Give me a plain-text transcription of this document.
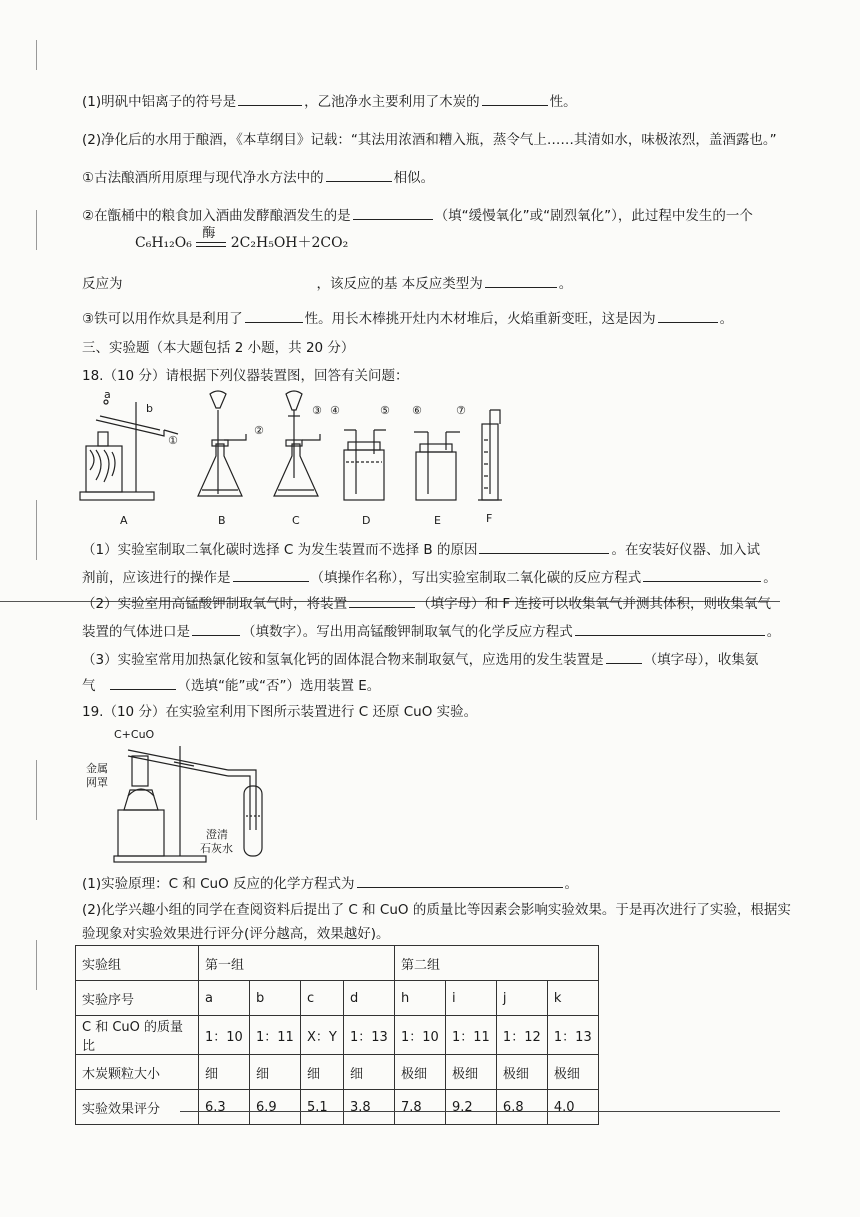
(1)明矾中铝离子的符号是	，乙池净水主要利用了木炭的	性。
(2)净化后的水用于酿酒，《本草纲目》记载：“其法用浓酒和糟入瓶，蒸令气上……其清如水，味极浓烈，盖酒露也。”
①古法酿酒所用原理与现代净水方法中的	相似。
②在甑桶中的粮食加入酒曲发酵酿酒发生的是	（填“缓慢氧化”或“剧烈氧化”），此过程中发生的一个
C₆H₁₂O₆
酶
2C₂H₅OH＋2CO₂
反应为	，该反应的基 本反应类型为	。
③铁可以用作炊具是利用了	性。用长木棒挑开灶内木材堆后，火焰重新变旺，这是因为	。
三、实验题（本大题包括 2 小题，共 20 分）
18.（10 分）请根据下列仪器装置图，回答有关问题：
a
b
①
②
③ ④	⑤ ⑥	⑦
A	B	C	D	E	F
（1）实验室制取二氧化碳时选择 C 为发生装置而不选择 B 的原因	。在安装好仪器、加入试
剂前，应该进行的操作是	（填操作名称），写出实验室制取二氧化碳的反应方程式	。
（2）实验室用高锰酸钾制取氧气时，将装置	（填字母）和 F 连接可以收集氧气并测其体积，则收集氧气
装置的气体进口是	（填数字）。写出用高锰酸钾制取氧气的化学反应方程式	。
（3）实验室常用加热氯化铵和氢氧化钙的固体混合物来制取氨气，应选用的发生装置是	（填字母），收集氨
气	（选填“能”或“否”）选用装置 E。
19.（10 分）在实验室利用下图所示装置进行 C 还原 CuO 实验。
C+CuO
金属
网罩
澄清
石灰水
(1)实验原理：C 和 CuO 反应的化学方程式为	。
(2)化学兴趣小组的同学在查阅资料后提出了 C 和 CuO 的质量比等因素会影响实验效果。于是再次进行了实验，根据实
验现象对实验效果进行评分(评分越高，效果越好)。
实验组	第一组				第二组			
实验序号	a	b	c	d	h	i	j	k
C 和 CuO 的质量比	1：10	1：11	X：Y	1：13	1：10	1：11	1：12	1：13
木炭颗粒大小	细	细	细	细	极细	极细	极细	极细
实验效果评分	6.3	6.9	5.1	3.8	7.8	9.2	6.8	4.0
